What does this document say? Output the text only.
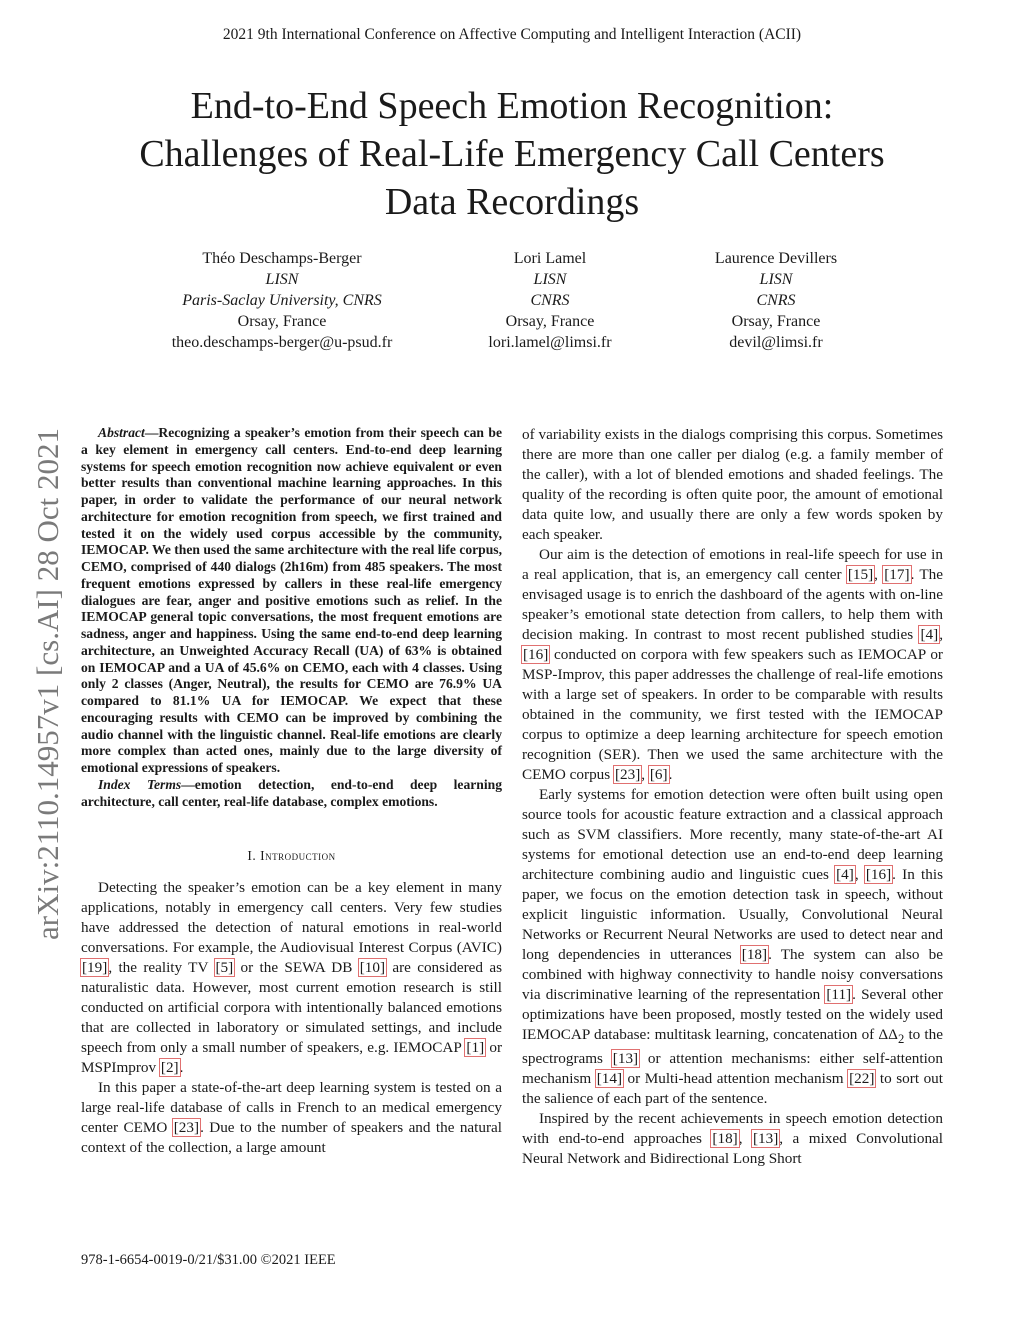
2021 9th International Conference on Affective Computing and Intelligent Interaction (ACII)
End-to-End Speech Emotion Recognition:
Challenges of Real-Life Emergency Call Centers
Data Recordings
Théo Deschamps-Berger
LISN
Paris-Saclay University, CNRS
Orsay, France
theo.deschamps-berger@u-psud.fr
Lori Lamel
LISN
CNRS
Orsay, France
lori.lamel@limsi.fr
Laurence Devillers
LISN
CNRS
Orsay, France
devil@limsi.fr
arXiv:2110.14957v1 [cs.AI] 28 Oct 2021	Abstract—Recognizing a speaker’s emotion from their speech can be a key element in emergency call centers. End-to-end deep learning systems for speech emotion recognition now achieve equivalent or even better results than conventional machine learning approaches. In this paper, in order to validate the performance of our neural network architecture for emotion recognition from speech, we first trained and tested it on the widely used corpus accessible by the community, IEMOCAP. We then used the same architecture with the real life corpus, CEMO, comprised of 440 dialogs (2h16m) from 485 speakers. The most frequent emotions expressed by callers in these real-life emergency dialogues are fear, anger and positive emotions such as relief. In the IEMOCAP general topic conversations, the most frequent emotions are sadness, anger and happiness. Using the same end-to-end deep learning architecture, an Unweighted Accuracy Recall (UA) of 63% is obtained on IEMOCAP and a UA of 45.6% on CEMO, each with 4 classes. Using only 2 classes (Anger, Neutral), the results for CEMO are 76.9% UA compared to 81.1% UA for IEMOCAP. We expect that these encouraging results with CEMO can be improved by combining the audio channel with the linguistic channel. Real-life emotions are clearly more complex than acted ones, mainly due to the large diversity of emotional expressions of speakers.

Index Terms—emotion detection, end-to-end deep learning architecture, call center, real-life database, complex emotions.

I. Introduction

Detecting the speaker’s emotion can be a key element in many applications, notably in emergency call centers. Very few studies have addressed the detection of natural emotions in real-world conversations. For example, the Audiovisual Interest Corpus (AVIC) [19], the reality TV [5] or the SEWA DB [10] are considered as naturalistic data. However, most current emotion research is still conducted on artificial corpora with intentionally balanced emotions that are collected in laboratory or simulated settings, and include speech from only a small number of speakers, e.g. IEMOCAP [1] or MSPImprov [2].

In this paper a state-of-the-art deep learning system is tested on a large real-life database of calls in French to an medical emergency center CEMO [23]. Due to the number of speakers and the natural context of the collection, a large amount

of variability exists in the dialogs comprising this corpus. Sometimes there are more than one caller per dialog (e.g. a family member of the caller), with a lot of blended emotions and shaded feelings. The quality of the recording is often quite poor, the amount of emotional data quite low, and usually there are only a few words spoken by each speaker.

Our aim is the detection of emotions in real-life speech for use in a real application, that is, an emergency call center [15], [17]. The envisaged usage is to enrich the dashboard of the agents with on-line speaker’s emotional state detection from callers, to help them with decision making. In contrast to most recent published studies [4], [16] conducted on corpora with few speakers such as IEMOCAP or MSP-Improv, this paper addresses the challenge of real-life emotions with a large set of speakers. In order to be comparable with results obtained in the community, we first tested with the IEMOCAP corpus to optimize a deep learning architecture for speech emotion recognition (SER). Then we used the same architecture with the CEMO corpus [23], [6].

Early systems for emotion detection were often built using open source tools for acoustic feature extraction and a classical approach such as SVM classifiers. More recently, many state-of-the-art AI systems for emotional detection use an end-to-end deep learning architecture combining audio and linguistic cues [4], [16]. In this paper, we focus on the emotion detection task in speech, without explicit linguistic information. Usually, Convolutional Neural Networks or Recurrent Neural Networks are used to detect near and long dependencies in utterances [18]. The system can also be combined with highway connectivity to handle noisy conversations via discriminative learning of the representation [11]. Several other optimizations have been proposed, mostly tested on the widely used IEMOCAP database: multitask learning, concatenation of $\Delta\Delta_2$ to the spectrograms [13] or attention mechanisms: either self-attention mechanism [14] or Multi-head attention mechanism [22] to sort out the salience of each part of the sentence.

Inspired by the recent achievements in speech emotion detection with end-to-end approaches [18], [13], a mixed Convolutional Neural Network and Bidirectional Long Short

978-1-6654-0019-0/21/$31.00 ©2021 IEEE
